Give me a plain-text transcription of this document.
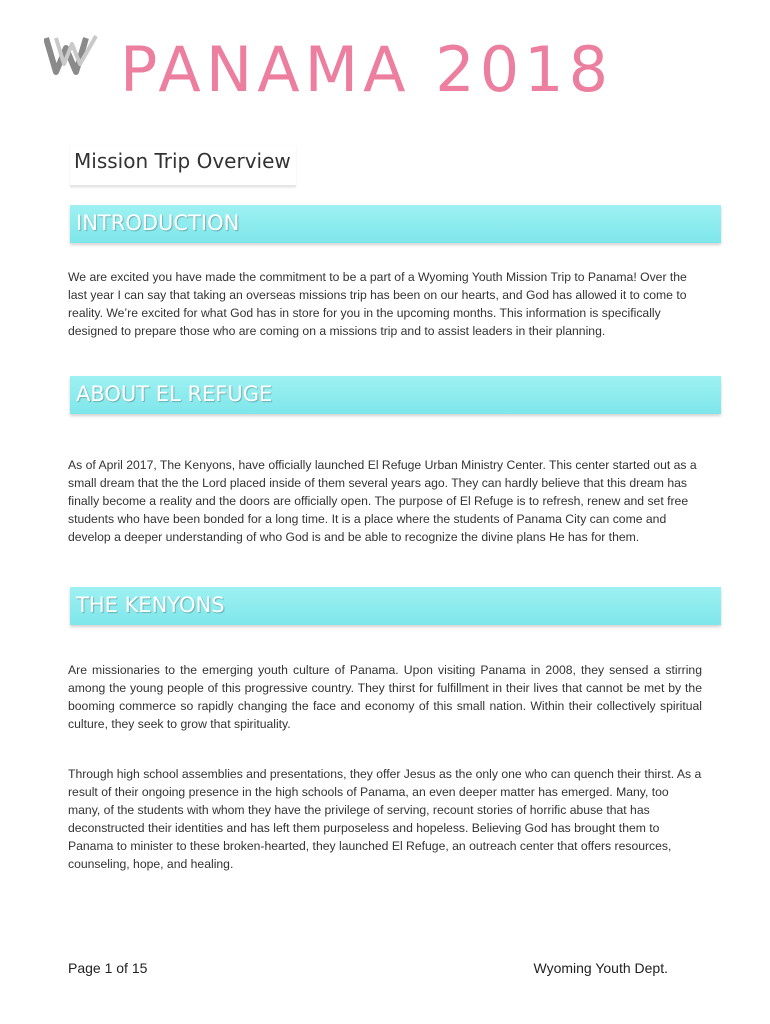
PANAMA 2018
Mission Trip Overview
INTRODUCTION

We are excited you have made the commitment to be a part of a Wyoming Youth Mission Trip to Panama! Over the last year I can say that taking an overseas missions trip has been on our hearts, and God has allowed it to come to reality. We’re excited for what God has in store for you in the upcoming months. This information is specifically designed to prepare those who are coming on a missions trip and to assist leaders in their planning.

ABOUT EL REFUGE

As of April 2017, The Kenyons, have officially launched El Refuge Urban Ministry Center. This center started out as a small dream that the the Lord placed inside of them several years ago. They can hardly believe that this dream has finally become a reality and the doors are officially open. The purpose of El Refuge is to refresh, renew and set free students who have been bonded for a long time. It is a place where the students of Panama City can come and develop a deeper understanding of who God is and be able to recognize the divine plans He has for them.

THE KENYONS

Are missionaries to the emerging youth culture of Panama. Upon visiting Panama in 2008, they sensed a stirring among the young people of this progressive country. They thirst for fulfillment in their lives that cannot be met by the booming commerce so rapidly changing the face and economy of this small nation. Within their collectively spiritual culture, they seek to grow that spirituality.

Through high school assemblies and presentations, they offer Jesus as the only one who can quench their thirst. As a result of their ongoing presence in the high schools of Panama, an even deeper matter has emerged. Many, too many, of the students with whom they have the privilege of serving, recount stories of horrific abuse that has deconstructed their identities and has left them purposeless and hopeless. Believing God has brought them to Panama to minister to these broken-hearted, they launched El Refuge, an outreach center that offers resources, counseling, hope, and healing.

Page 1 of 15	Wyoming Youth Dept.
